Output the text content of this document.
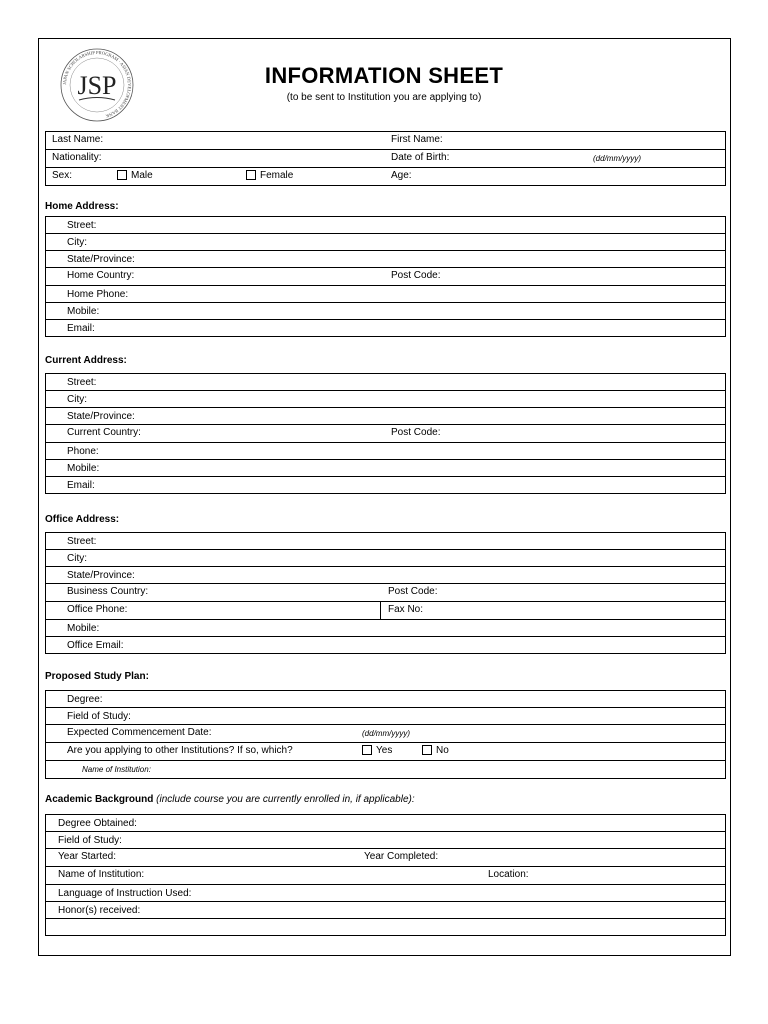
JAPAN SCHOLARSHIP PROGRAM · ASIAN DEVELOPMENT BANK
JSP	INFORMATION SHEET
(to be sent to Institution you are applying to)
Last Name:	First Name:

Nationality:	Date of Birth:	(dd/mm/yyyy)

Sex:	Male	Female	Age:
Home Address:
Street:
City:
State/Province:

Home Country:	Post Code:

Home Phone:
Mobile:
Email:
Current Address:
Street:
City:
State/Province:

Current Country:	Post Code:

Phone:
Mobile:
Email:
Office Address:
Street:
City:
State/Province:

Business Country:	Post Code:

Office Phone:	Fax No:

Mobile:
Office Email:
Proposed Study Plan:
Degree:
Field of Study:

Expected Commencement Date:	(dd/mm/yyyy)

Are you applying to other Institutions? If so, which?	Yes	No

Name of Institution:
Academic Background (include course you are currently enrolled in, if applicable):
Degree Obtained:
Field of Study:

Year Started:	Year Completed:

Name of Institution:	Location:

Language of Instruction Used:
Honor(s) received:
